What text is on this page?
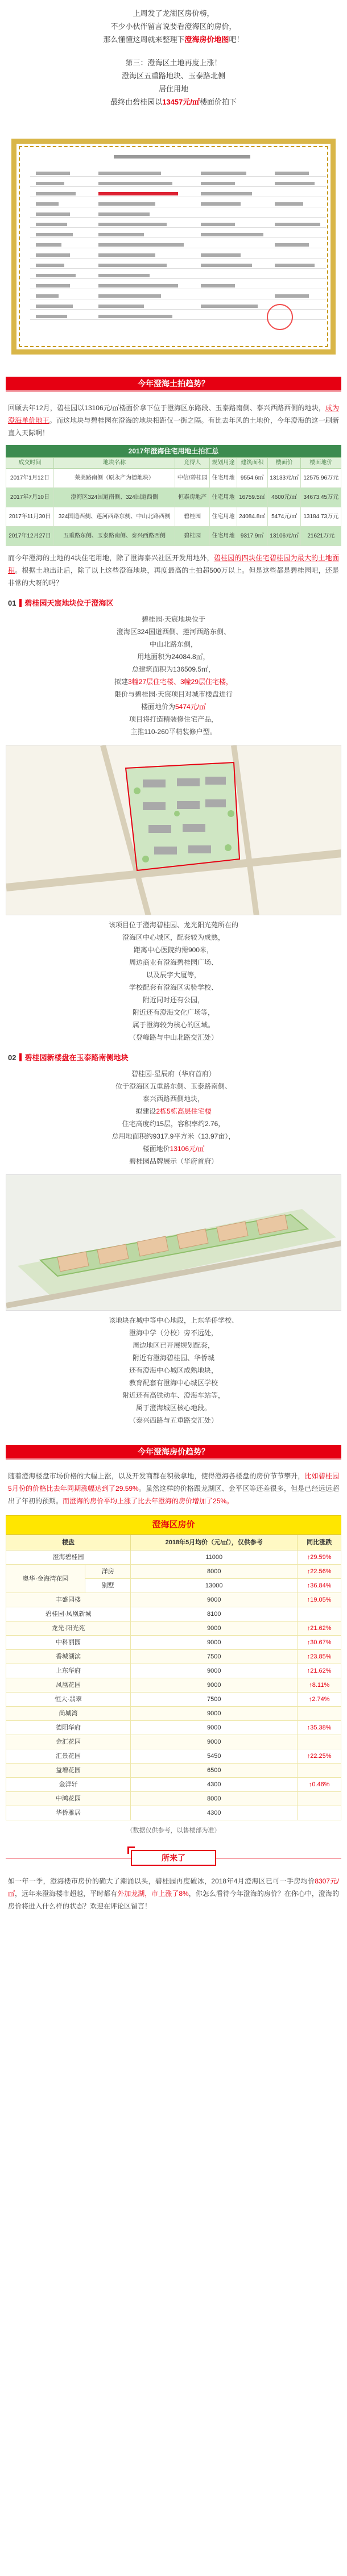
上周发了龙湖区房价榜，

不少小伙伴留言说要看澄海区的房价，

那么懂懂这周就来整理下澄海房价地图吧！

第三：澄海区土地再度上涨！

澄海区五重路地块、玉泰路北侧

居住用地

最终由碧桂园以13457元/㎡楼面价拍下

今年澄海土拍趋势？

回顾去年12月，碧桂园以13106元/㎡楼面价拿下位于澄海区东路段、玉泰路南侧、泰兴西路西侧的地块，成为澄海单价地王。而这地块与碧桂园在澄海的地块相距仅一街之隔。有比去年风的土地价，今年澄海的这一刷新直入天际啊！

2017年澄海住宅用地土拍汇总
成交时间	地块名称	竞得人	规划用途	建筑面积	楼面价	楼面地价
2017年1月12日	莱美路南侧（原永产为德地块）	中信/碧桂园	住宅用地	9554.6㎡	13133元/㎡	12575.96万元
2017年7月10日	澄海区324国道南侧、324国道西侧	恒泰房地产	住宅用地	16759.5㎡	4600元/㎡	34673.45万元
2017年11月30日	324国道西侧、莲河西路东侧、中山北路西侧	碧桂园	住宅用地	24084.8㎡	5474元/㎡	13184.73万元
2017年12月27日	五重路东侧、玉泰路南侧、泰兴西路西侧	碧桂园	住宅用地	9317.9㎡	13106元/㎡	21621万元

而今年澄海的土地的4块住宅用地，除了澄海泰兴社区开发用地外，碧桂园的四块住宅碧桂园为最大的土地面积。根据土地出让后，除了以上这些澄海地块，再度最高的土拍超500万以上。但是这些都是碧桂园吧，还是非常的大呀的吗？

01 碧桂园天宸地块位于澄海区

碧桂园·天宸地块位于

澄海区324国道西侧、莲河西路东侧、

中山北路东侧，

用地面积为24084.8㎡，

总建筑面积为136509.5㎡，

拟建3幢27层住宅楼、3幢29层住宅楼，

限价与碧桂园·天宸项目对城市楼盘进行

楼面地价为5474元/㎡

项目将打造精装修住宅产品，

主推110-260平精装修户型。

该项目位于澄海碧桂园、龙光阳光苑所在的

澄海区中心城区，配套较为成熟，

距离中心医院约需900米，

周边商业有澄海碧桂园广场、

以及辰宇大厦等，

学校配套有澄海区实验学校、

附近同时还有公园，

附近还有澄海文化广场等，

属于澄海较为核心的区域。

（登峰路与中山北路交汇处）

02 碧桂园新楼盘在玉泰路南侧地块

碧桂园·星辰府（华府首府）

位于澄海区五重路东侧、玉泰路南侧、

泰兴西路西侧地块，

拟建设2栋5栋高层住宅楼

住宅高度约15层，容积率约2.76，

总用地面积约9317.9平方米（13.97亩），

楼面地价13106元/㎡

碧桂园品牌展示（华府首府）

该地块在城中等中心地段，上东华侨学校、

澄海中学（分校）旁不远处，

周边地区已开展规划配套，

附近有澄海碧桂园、华侨城

还有澄海中心城区成熟地块，

教育配套有澄海中心城区学校

附近还有高铁动车、澄海车站等，

属于澄海城区核心地段。

（泰兴西路与五重路交汇处）

今年澄海房价趋势？

随着澄海楼盘市场价格的大幅上涨，以及开发商都在积极拿地，使得澄海各楼盘的房价节节攀升，比如碧桂园5月份的价格比去年同期涨幅达到了29.59%。虽然这样的价格跟龙湖区、金平区等还差很多，但是已经远远超出了年初的预期。而澄海的房价平均上涨了比去年澄海的房价增加了25%。

澄海区房价
楼盘		2018年5月均价（元/㎡），仅供参考	同比涨跌
澄海碧桂园		11000	↑29.59%
奥华·金海湾花园	洋房	8000	↑22.56%
	别墅	13000	↑36.84%
丰盛园楼		9000	↑19.05%
碧桂园·凤凰新城		8100	
龙光·阳光苑		9000	↑21.62%
中科丽园		9000	↑30.67%
香城湖滨		7500	↑23.85%
上东华府		9000	↑21.62%
凤凰花园		9000	↑8.11%
恒大·翡翠		7500	↑2.74%
尚城湾		9000	
德阳华府		9000	↑35.38%
金汇花园		9000	
汇景花园		5450	↑22.25%
益增花园		6500	
金洋轩		4300	↑0.46%
中鸿花园		8000	
华侨雅居		4300	
（数据仅供参考，以售楼部为准）
所来了

如一年一季，澄海楼市房价的确大了潮涌以头，碧桂园再度破冰，2018年4月澄海区已可一手房均价8307元/㎡，远年来澄海楼市超越，平时都有外加龙湖，市上涨了8%，你怎么看待今年澄海的房价？在你心中，澄海的房价将进入什么样的状态？欢迎在评论区留言！
